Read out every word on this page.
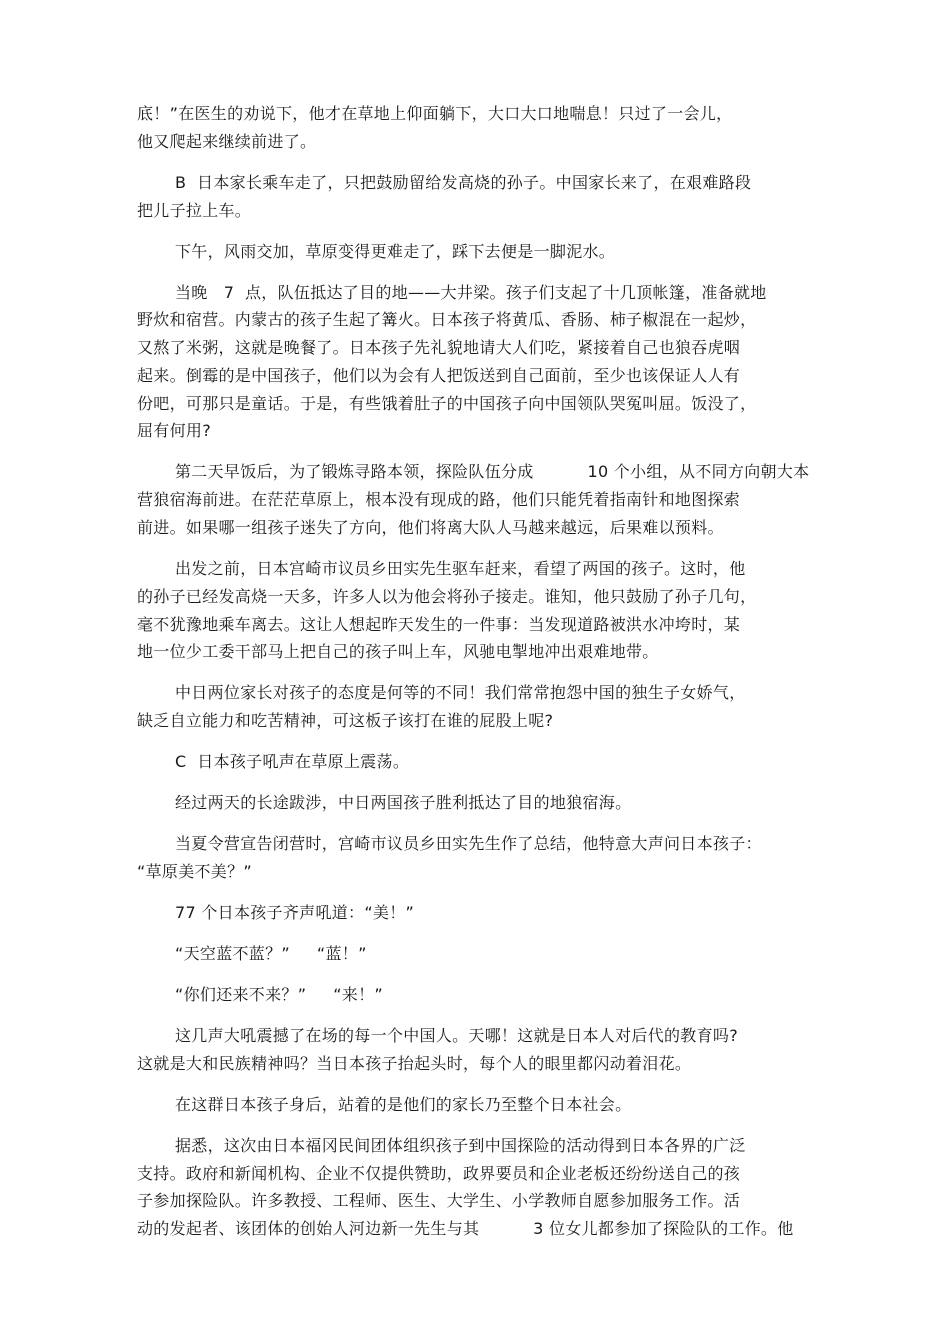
底！”在医生的劝说下，他才在草地上仰面躺下，大口大口地喘息！只过了一会儿，
他又爬起来继续前进了。
B  日本家长乘车走了，只把鼓励留给发高烧的孙子。中国家长来了，在艰难路段
把儿子拉上车。
下午，风雨交加，草原变得更难走了，踩下去便是一脚泥水。
当晚   7  点，队伍抵达了目的地——大井梁。孩子们支起了十几顶帐篷，准备就地
野炊和宿营。内蒙古的孩子生起了篝火。日本孩子将黄瓜、香肠、柿子椒混在一起炒，
又熬了米粥，这就是晚餐了。日本孩子先礼貌地请大人们吃，紧接着自己也狼吞虎咽
起来。倒霉的是中国孩子，他们以为会有人把饭送到自己面前，至少也该保证人人有
份吧，可那只是童话。于是，有些饿着肚子的中国孩子向中国领队哭冤叫屈。饭没了，
屈有何用?
第二天早饭后，为了锻炼寻路本领，探险队伍分成          10 个小组，从不同方向朝大本
营狼宿海前进。在茫茫草原上，根本没有现成的路，他们只能凭着指南针和地图探索
前进。如果哪一组孩子迷失了方向，他们将离大队人马越来越远，后果难以预料。
出发之前，日本宫崎市议员乡田实先生驱车赶来，看望了两国的孩子。这时，他
的孙子已经发高烧一天多，许多人以为他会将孙子接走。谁知，他只鼓励了孙子几句，
毫不犹豫地乘车离去。这让人想起昨天发生的一件事：当发现道路被洪水冲垮时，某
地一位少工委干部马上把自己的孩子叫上车，风驰电掣地冲出艰难地带。
中日两位家长对孩子的态度是何等的不同！我们常常抱怨中国的独生子女娇气，
缺乏自立能力和吃苦精神，可这板子该打在谁的屁股上呢?
C  日本孩子吼声在草原上震荡。
经过两天的长途跋涉，中日两国孩子胜利抵达了目的地狼宿海。
当夏令营宣告闭营时，宫崎市议员乡田实先生作了总结，他特意大声问日本孩子：
“草原美不美？”
77 个日本孩子齐声吼道：“美！”
“天空蓝不蓝？”     “蓝！”
“你们还来不来？”     “来！”
这几声大吼震撼了在场的每一个中国人。天哪！这就是日本人对后代的教育吗?
这就是大和民族精神吗？当日本孩子抬起头时，每个人的眼里都闪动着泪花。
在这群日本孩子身后，站着的是他们的家长乃至整个日本社会。
据悉，这次由日本福冈民间团体组织孩子到中国探险的活动得到日本各界的广泛
支持。政府和新闻机构、企业不仅提供赞助，政界要员和企业老板还纷纷送自己的孩
子参加探险队。许多教授、工程师、医生、大学生、小学教师自愿参加服务工作。活
动的发起者、该团体的创始人河边新一先生与其          3 位女儿都参加了探险队的工作。他
